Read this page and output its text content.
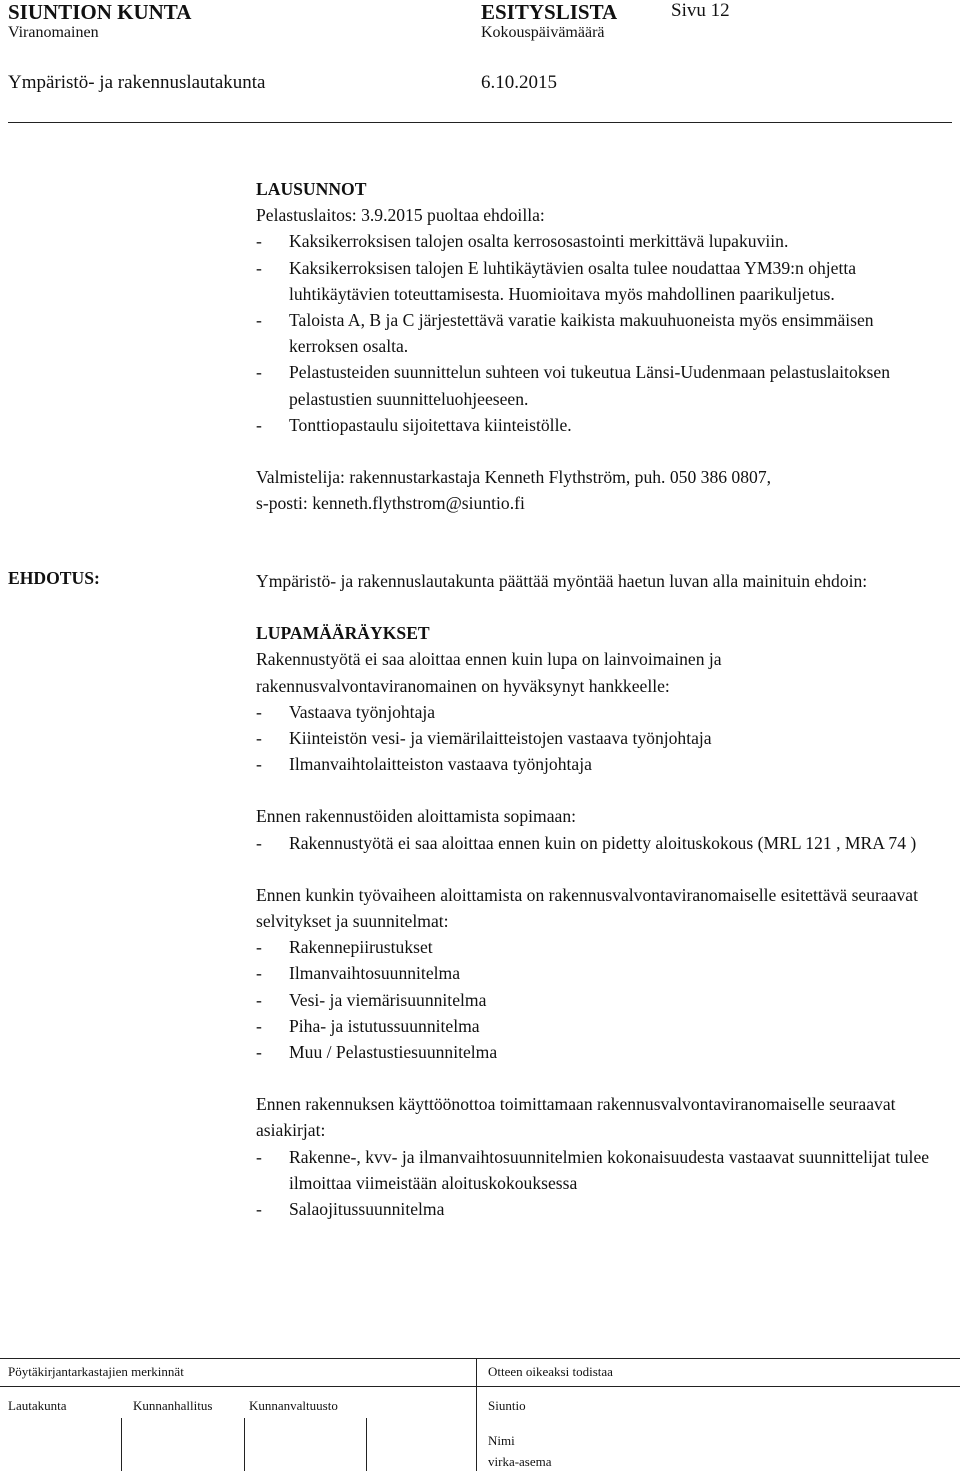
SIUNTION KUNTA	ESITYSLISTA	Sivu 12
Viranomainen	Kokouspäivämäärä
Ympäristö- ja rakennuslautakunta	6.10.2015

LAUSUNNOT

Pelastuslaitos: 3.9.2015 puoltaa ehdoilla:

-	Kaksikerroksisen talojen osalta kerrososastointi merkittävä lupakuviin.
-	Kaksikerroksisen talojen E luhtikäytävien osalta tulee noudattaa YM39:n ohjetta luhtikäytävien toteuttamisesta. Huomioitava myös mahdollinen paarikuljetus.
-	Taloista A, B ja C järjestettävä varatie kaikista makuuhuoneista myös ensimmäisen kerroksen osalta.
-	Pelastusteiden suunnittelun suhteen voi tukeutua Länsi-Uudenmaan pelastuslaitoksen pelastustien suunnitteluohjeeseen.
-	Tonttiopastaulu sijoitettava kiinteistölle.

Valmistelija: rakennustarkastaja Kenneth Flythström, puh. 050 386 0807,

s-posti: kenneth.flythstrom@siuntio.fi

EHDOTUS:	Ympäristö- ja rakennuslautakunta päättää myöntää haetun luvan alla mainituin ehdoin:

LUPAMÄÄRÄYKSET

Rakennustyötä ei saa aloittaa ennen kuin lupa on lainvoimainen ja rakennusvalvontaviranomainen on hyväksynyt hankkeelle:

-	Vastaava työnjohtaja
-	Kiinteistön vesi- ja viemärilaitteistojen vastaava työnjohtaja
-	Ilmanvaihtolaitteiston vastaava työnjohtaja

Ennen rakennustöiden aloittamista sopimaan:

-	Rakennustyötä ei saa aloittaa ennen kuin on pidetty aloituskokous (MRL 121 , MRA 74 )

Ennen kunkin työvaiheen aloittamista on rakennusvalvontaviranomaiselle esitettävä seuraavat selvitykset ja suunnitelmat:

-	Rakennepiirustukset
-	Ilmanvaihtosuunnitelma
-	Vesi- ja viemärisuunnitelma
-	Piha- ja istutussuunnitelma
-	Muu / Pelastustiesuunnitelma

Ennen rakennuksen käyttöönottoa toimittamaan rakennusvalvontaviranomaiselle seuraavat asiakirjat:

-	Rakenne-, kvv- ja ilmanvaihtosuunnitelmien kokonaisuudesta vastaavat suunnittelijat tulee ilmoittaa viimeistään aloituskokouksessa
-	Salaojitussuunnitelma
Pöytäkirjantarkastajien merkinnät	Otteen oikeaksi todistaa
Lautakunta	Kunnanhallitus	Kunnanvaltuusto	Siuntio
Nimi
virka-asema
